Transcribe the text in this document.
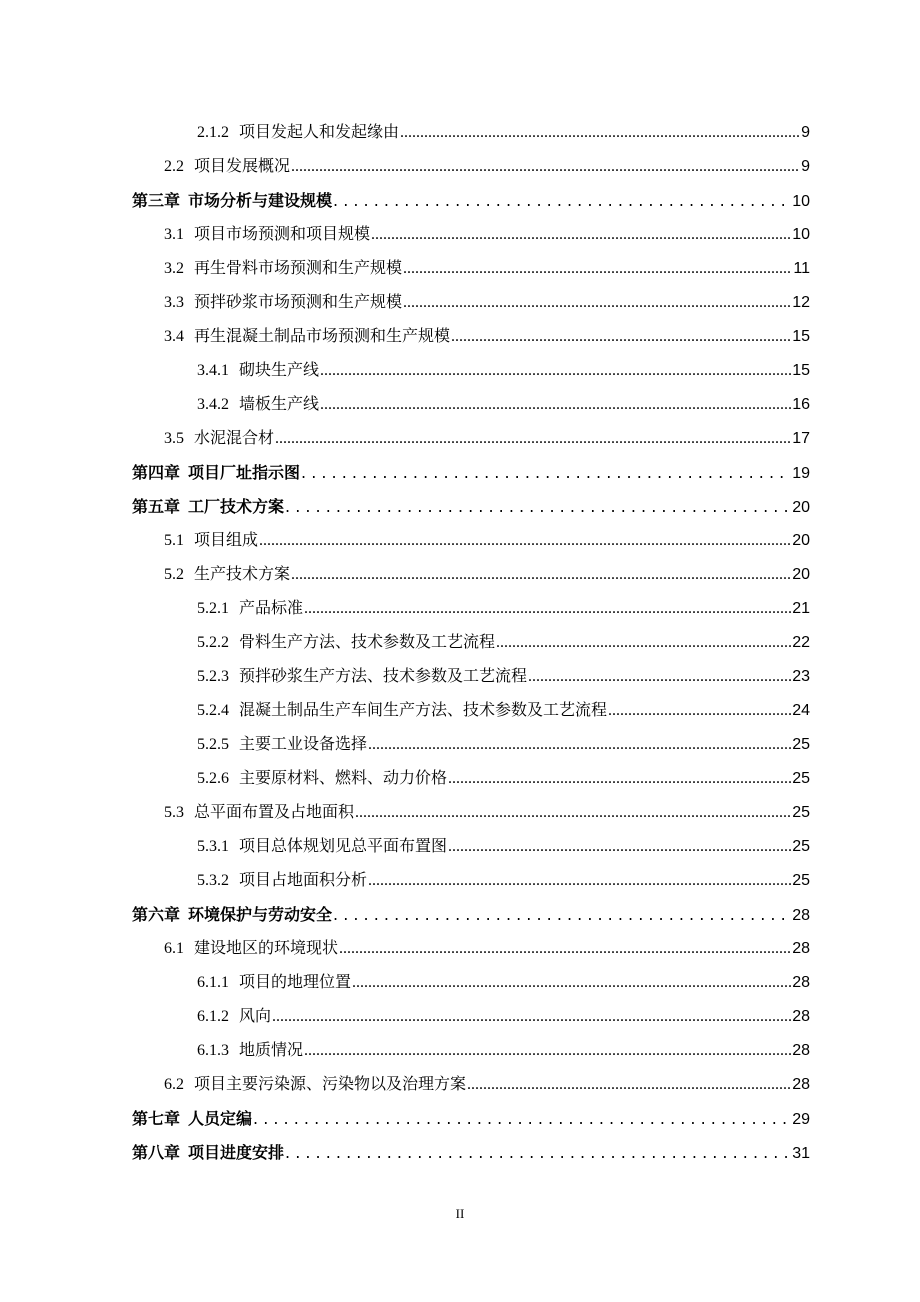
2.1.2 项目发起人和发起缘由 .....	9
2.2 项目发展概况 .....	9
第三章 市场分析与建设规模 . . .	10
3.1 项目市场预测和项目规模 .....	10
3.2 再生骨料市场预测和生产规模 .....	11
3.3 预拌砂浆市场预测和生产规模 .....	12
3.4 再生混凝土制品市场预测和生产规模 .....	15
3.4.1 砌块生产线 .....	15
3.4.2 墙板生产线 .....	16
3.5 水泥混合材 .....	17
第四章 项目厂址指示图 . . .	19
第五章 工厂技术方案 . . .	20
5.1 项目组成 .....	20
5.2 生产技术方案 .....	20
5.2.1 产品标准 .....	21
5.2.2 骨料生产方法、技术参数及工艺流程 .....	22
5.2.3 预拌砂浆生产方法、技术参数及工艺流程 .....	23
5.2.4 混凝土制品生产车间生产方法、技术参数及工艺流程 .....	24
5.2.5 主要工业设备选择 .....	25
5.2.6 主要原材料、燃料、动力价格 .....	25
5.3 总平面布置及占地面积 .....	25
5.3.1 项目总体规划见总平面布置图 .....	25
5.3.2 项目占地面积分析 .....	25
第六章 环境保护与劳动安全 . . .	28
6.1 建设地区的环境现状 .....	28
6.1.1 项目的地理位置 .....	28
6.1.2 风向 .....	28
6.1.3 地质情况 .....	28
6.2 项目主要污染源、污染物以及治理方案 .....	28
第七章 人员定编 . . .	29
第八章 项目进度安排 . . .	31
II
